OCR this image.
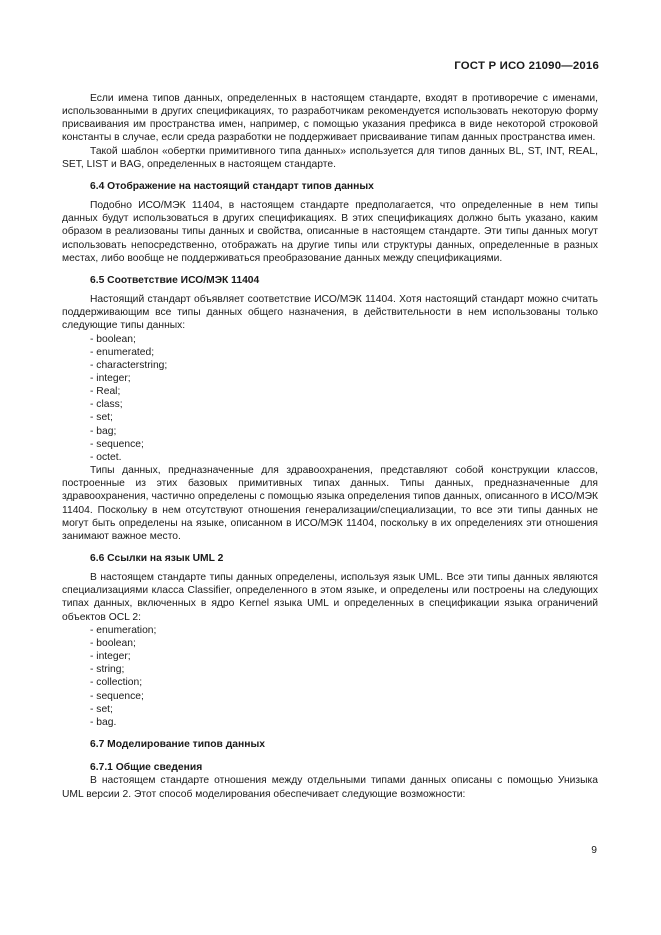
ГОСТ Р ИСО 21090—2016

Если имена типов данных, определенных в настоящем стандарте, входят в противоречие с именами, использованными в других спецификациях, то разработчикам рекомендуется использовать некоторую форму присваивания им пространства имен, например, с помощью указания префикса в виде некоторой строковой константы в случае, если среда разработки не поддерживает присваивание типам данных пространства имен.

Такой шаблон «обертки примитивного типа данных» используется для типов данных BL, ST, INT, REAL, SET, LIST и BAG, определенных в настоящем стандарте.

6.4 Отображение на настоящий стандарт типов данных

Подобно ИСО/МЭК 11404, в настоящем стандарте предполагается, что определенные в нем типы данных будут использоваться в других спецификациях. В этих спецификациях должно быть указано, каким образом в реализованы типы данных и свойства, описанные в настоящем стандарте. Эти типы данных могут использовать непосредственно, отображать на другие типы или структуры данных, определенные в разных местах, либо вообще не поддерживаться преобразование данных между спецификациями.

6.5 Соответствие ИСО/МЭК 11404

Настоящий стандарт объявляет соответствие ИСО/МЭК 11404. Хотя настоящий стандарт можно считать поддерживающим все типы данных общего назначения, в действительности в нем использованы только следующие типы данных:

- boolean;
- enumerated;
- characterstring;
- integer;
- Real;
- class;
- set;
- bag;
- sequence;
- octet.

Типы данных, предназначенные для здравоохранения, представляют собой конструкции классов, построенные из этих базовых примитивных типах данных. Типы данных, предназначенные для здравоохранения, частично определены с помощью языка определения типов данных, описанного в ИСО/МЭК 11404. Поскольку в нем отсутствуют отношения генерализации/специализации, то все эти типы данных не могут быть определены на языке, описанном в ИСО/МЭК 11404, поскольку в их определениях эти отношения занимают важное место.

6.6 Ссылки на язык UML 2

В настоящем стандарте типы данных определены, используя язык UML. Все эти типы данных являются специализациями класса Classifier, определенного в этом языке, и определены или построены на следующих типах данных, включенных в ядро Kernel языка UML и определенных в спецификации языка ограничений объектов OCL 2:

- enumeration;
- boolean;
- integer;
- string;
- collection;
- sequence;
- set;
- bag.
6.7 Моделирование типов данных
6.7.1 Общие сведения

В настоящем стандарте отношения между отдельными типами данных описаны с помощью Унизыка UML версии 2. Этот способ моделирования обеспечивает следующие возможности:

9
